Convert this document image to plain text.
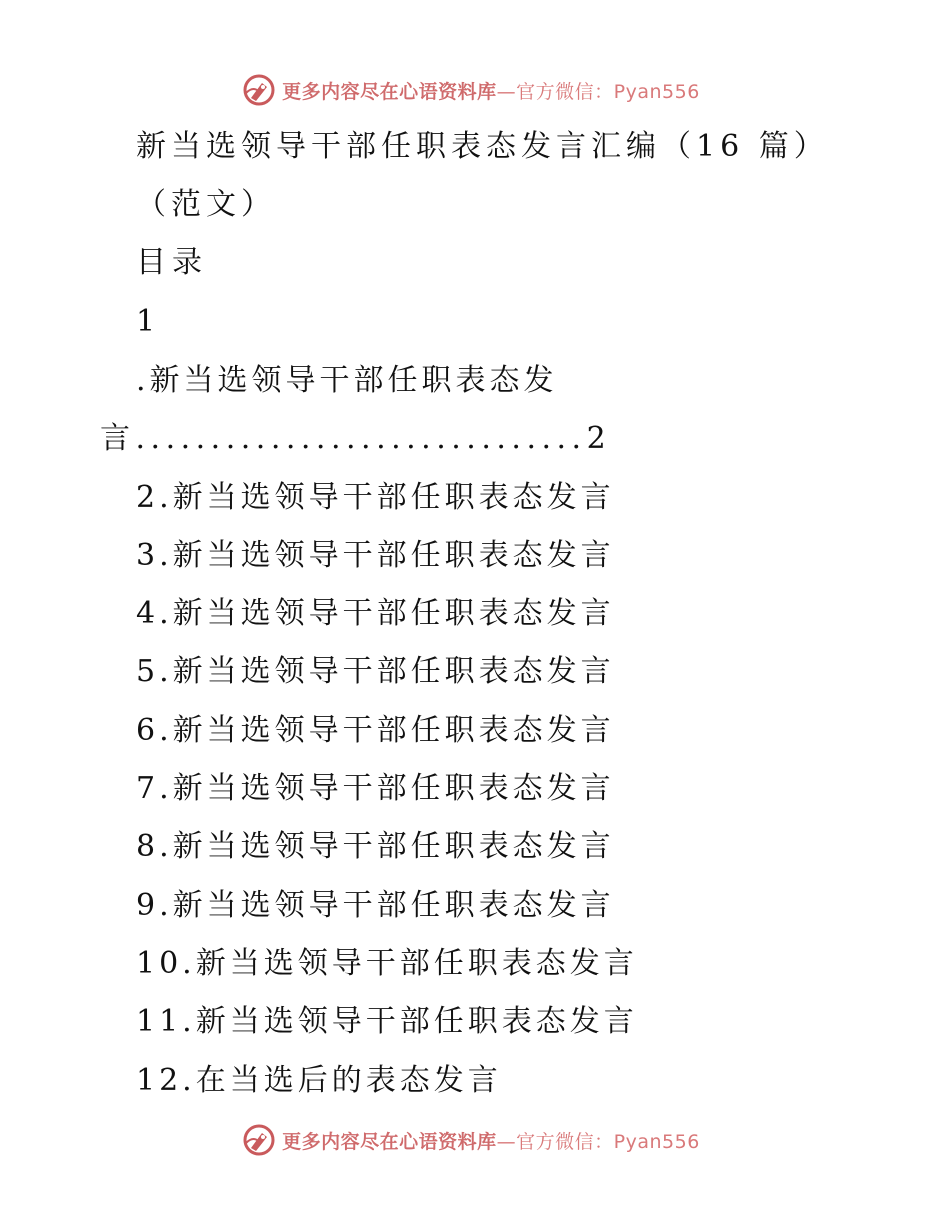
更多内容尽在心语资料库—官方微信：Pyan556
新当选领导干部任职表态发言汇编（16 篇）
（范文）
目录
1
.新当选领导干部任职表态发
言..............................2
2.新当选领导干部任职表态发言
3.新当选领导干部任职表态发言
4.新当选领导干部任职表态发言
5.新当选领导干部任职表态发言
6.新当选领导干部任职表态发言
7.新当选领导干部任职表态发言
8.新当选领导干部任职表态发言
9.新当选领导干部任职表态发言
10.新当选领导干部任职表态发言
11.新当选领导干部任职表态发言
12.在当选后的表态发言
更多内容尽在心语资料库—官方微信：Pyan556
